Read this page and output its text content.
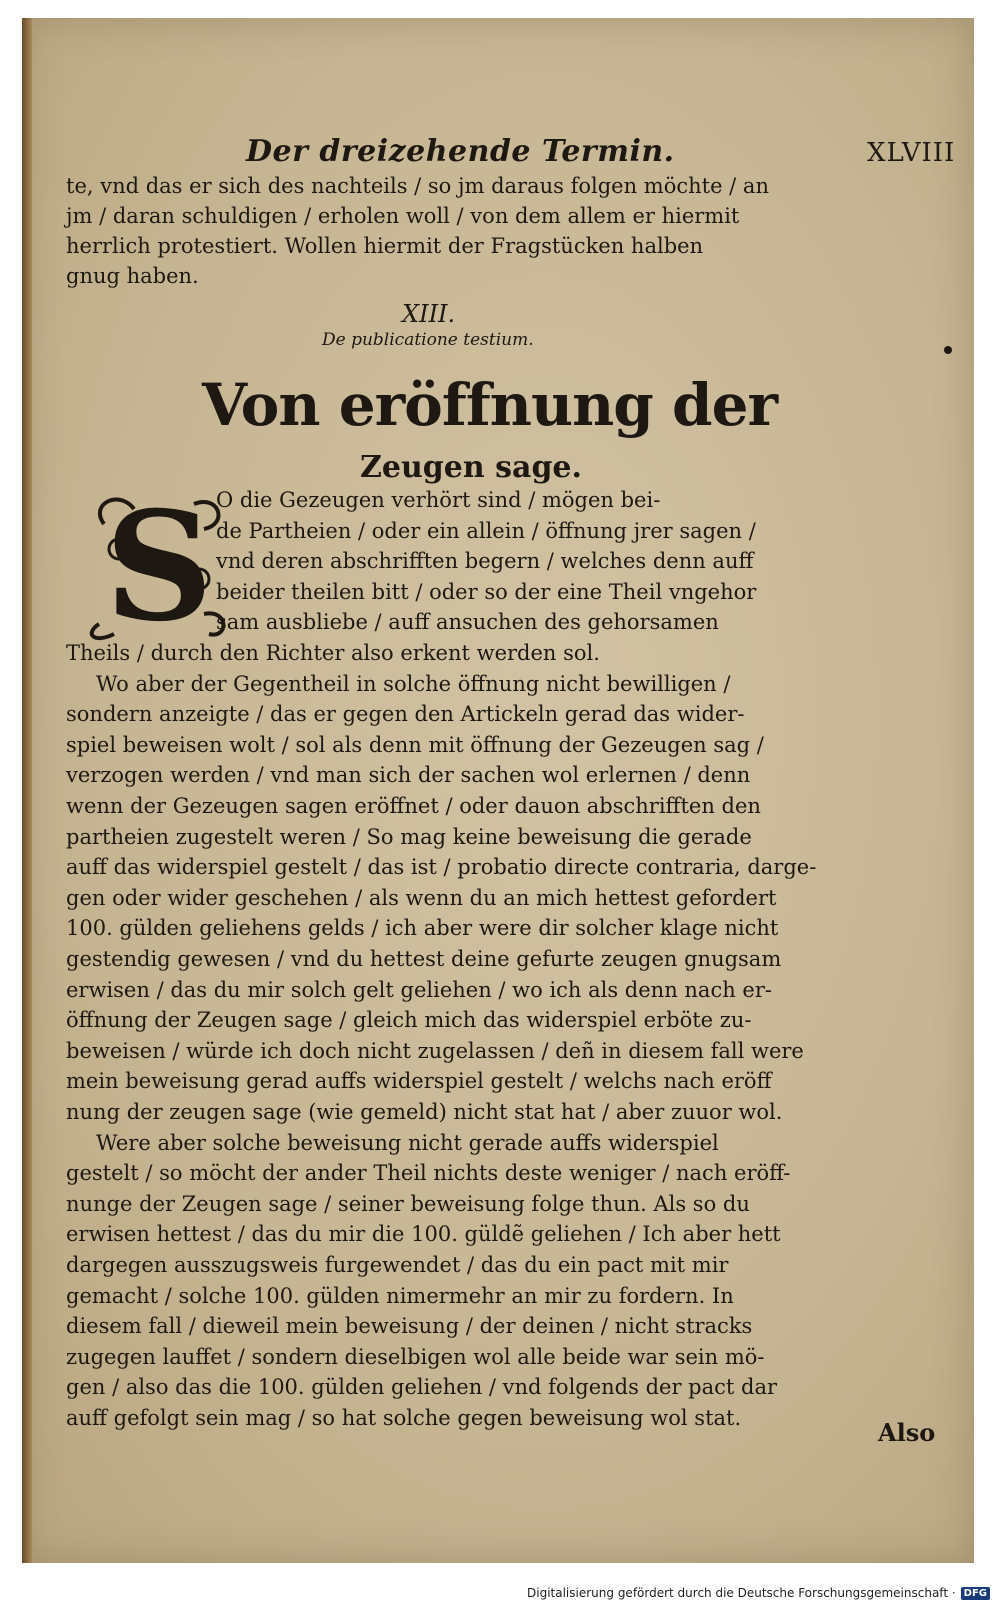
Der dreizehende Termin.	XLVIII
te, vnd das er sich des nachteils / so jm daraus folgen möchte / an
jm / daran schuldigen / erholen woll / von dem allem er hiermit
herrlich protestiert. Wollen hiermit der Fragstücken halben
gnug haben.
XIII.
De publicatione testium.
Von eröffnung der
Zeugen sage.
S O die Gezeugen verhört sind / mögen bei-
de Partheien / oder ein allein / öffnung jrer sagen /
vnd deren abschrifften begern / welches denn auff
beider theilen bitt / oder so der eine Theil vngehor
sam ausbliebe / auff ansuchen des gehorsamen
Theils / durch den Richter also erkent werden sol.
Wo aber der Gegentheil in solche öffnung nicht bewilligen /
sondern anzeigte / das er gegen den Artickeln gerad das wider-
spiel beweisen wolt / sol als denn mit öffnung der Gezeugen sag /
verzogen werden / vnd man sich der sachen wol erlernen / denn
wenn der Gezeugen sagen eröffnet / oder dauon abschrifften den
partheien zugestelt weren / So mag keine beweisung die gerade
auff das widerspiel gestelt / das ist / probatio directe contraria, darge-
gen oder wider geschehen / als wenn du an mich hettest gefordert
100. gülden geliehens gelds / ich aber were dir solcher klage nicht
gestendig gewesen / vnd du hettest deine gefurte zeugen gnugsam
erwisen / das du mir solch gelt geliehen / wo ich als denn nach er-
öffnung der Zeugen sage / gleich mich das widerspiel erböte zu-
beweisen / würde ich doch nicht zugelassen / deñ in diesem fall were
mein beweisung gerad auffs widerspiel gestelt / welchs nach eröff
nung der zeugen sage (wie gemeld) nicht stat hat / aber zuuor wol.
Were aber solche beweisung nicht gerade auffs widerspiel
gestelt / so möcht der ander Theil nichts deste weniger / nach eröff-
nunge der Zeugen sage / seiner beweisung folge thun. Als so du
erwisen hettest / das du mir die 100. güldẽ geliehen / Ich aber hett
dargegen ausszugsweis furgewendet / das du ein pact mit mir
gemacht / solche 100. gülden nimermehr an mir zu fordern. In
diesem fall / dieweil mein beweisung / der deinen / nicht stracks
zugegen lauffet / sondern dieselbigen wol alle beide war sein mö-
gen / also das die 100. gülden geliehen / vnd folgends der pact dar
auff gefolgt sein mag / so hat solche gegen beweisung wol stat.	Also
Digitalisierung gefördert durch die Deutsche Forschungsgemeinschaft · DFG
